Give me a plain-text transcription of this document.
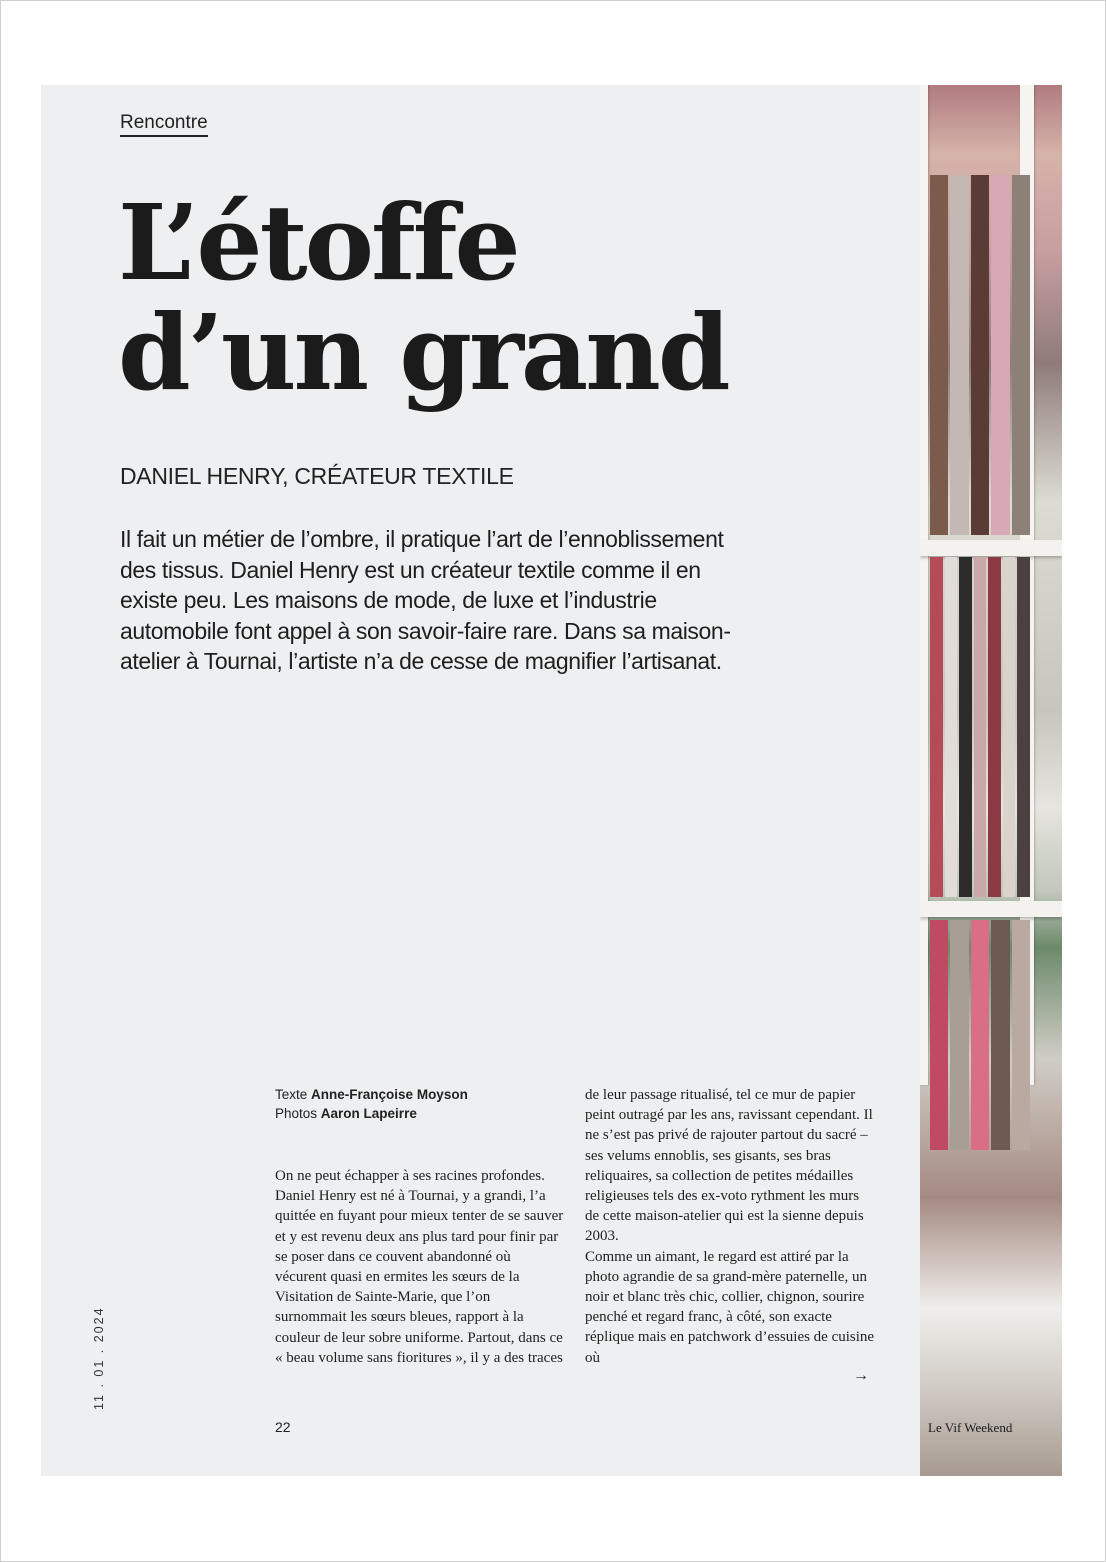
Rencontre
L’étoffe
d’un grand
DANIEL HENRY, CRÉATEUR TEXTILE

Il fait un métier de l’ombre, il pratique l’art de l’ennoblissement des tissus. Daniel Henry est un créateur textile comme il en existe peu. Les maisons de mode, de luxe et l’industrie automobile font appel à son savoir-faire rare. Dans sa maison-atelier à Tournai, l’artiste n’a de cesse de magnifier l’artisanat.

Texte Anne-Françoise Moyson
Photos Aaron Lapeirre

On ne peut échapper à ses racines profondes. Daniel Henry est né à Tournai, y a grandi, l’a quittée en fuyant pour mieux tenter de se sauver et y est revenu deux ans plus tard pour finir par se poser dans ce couvent abandonné où vécurent quasi en ermites les sœurs de la Visitation de Sainte-Marie, que l’on surnommait les sœurs bleues, rapport à la couleur de leur sobre uniforme. Partout, dans ce « beau volume sans fioritures », il y a des traces

de leur passage ritualisé, tel ce mur de papier peint outragé par les ans, ravissant cependant. Il ne s’est pas privé de rajouter partout du sacré – ses velums ennoblis, ses gisants, ses bras reliquaires, sa collection de petites médailles religieuses tels des ex-voto rythment les murs de cette maison-atelier qui est la sienne depuis 2003.
Comme un aimant, le regard est attiré par la photo agrandie de sa grand-mère paternelle, un noir et blanc très chic, collier, chignon, sourire penché et regard franc, à côté, son exacte réplique mais en patchwork d’essuies de cuisine où
→
11 . 01 . 2024
22	Le Vif Weekend
